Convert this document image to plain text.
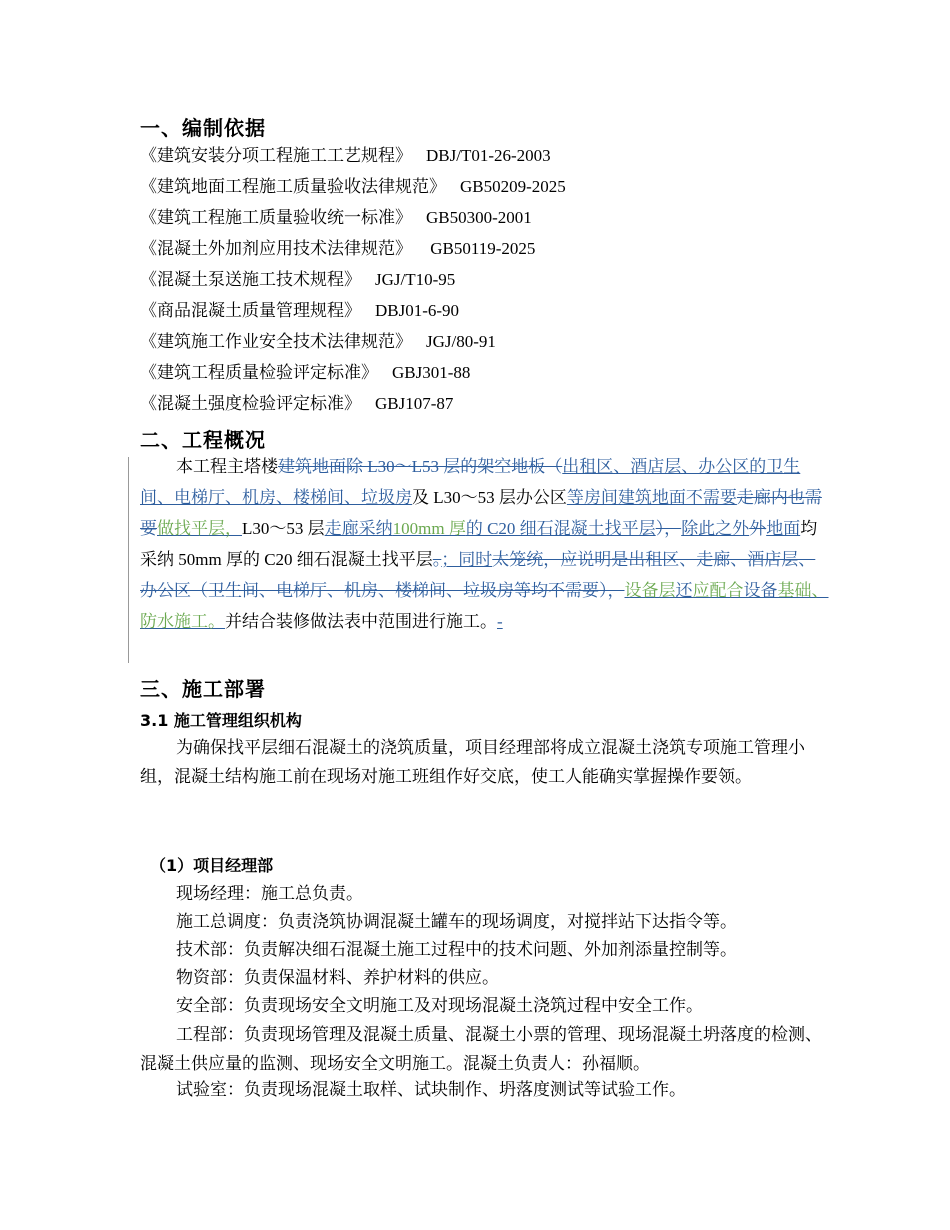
一、编制依据
《建筑安装分项工程施工工艺规程》 DBJ/T01-26-2003
《建筑地面工程施工质量验收法律规范》 GB50209-2025
《建筑工程施工质量验收统一标准》 GB50300-2001
《混凝土外加剂应用技术法律规范》 GB50119-2025
《混凝土泵送施工技术规程》 JGJ/T10-95
《商品混凝土质量管理规程》 DBJ01-6-90
《建筑施工作业安全技术法律规范》 JGJ/80-91
《建筑工程质量检验评定标准》 GBJ301-88
《混凝土强度检验评定标准》 GBJ107-87
二、工程概况
本工程主塔楼建筑地面除 L30～L53 层的架空地板（出租区、酒店层、办公区的卫生间、电梯厅、机房、楼梯间、垃圾房及 L30～53 层办公区等房间建筑地面不需要走廊内也需要做找平层，L30～53 层走廊采纳100mm 厚的 C20 细石混凝土找平层），除此之外外地面均采纳 50mm 厚的 C20 细石混凝土找平层。；同时太笼统，应说明是出租区、走廊、酒店层、办公区（卫生间、电梯厅、机房、楼梯间、垃圾房等均不需要），设备层还应配合设备基础、防水施工。并结合装修做法表中范围进行施工。-
三、施工部署
3.1 施工管理组织机构
为确保找平层细石混凝土的浇筑质量，项目经理部将成立混凝土浇筑专项施工管理小组，混凝土结构施工前在现场对施工班组作好交底，使工人能确实掌握操作要领。
（1）项目经理部
现场经理：施工总负责。
施工总调度：负责浇筑协调混凝土罐车的现场调度，对搅拌站下达指令等。
技术部：负责解决细石混凝土施工过程中的技术问题、外加剂添量控制等。
物资部：负责保温材料、养护材料的供应。
安全部：负责现场安全文明施工及对现场混凝土浇筑过程中安全工作。
工程部：负责现场管理及混凝土质量、混凝土小票的管理、现场混凝土坍落度的检测、混凝土供应量的监测、现场安全文明施工。混凝土负责人：孙福顺。
试验室：负责现场混凝土取样、试块制作、坍落度测试等试验工作。
